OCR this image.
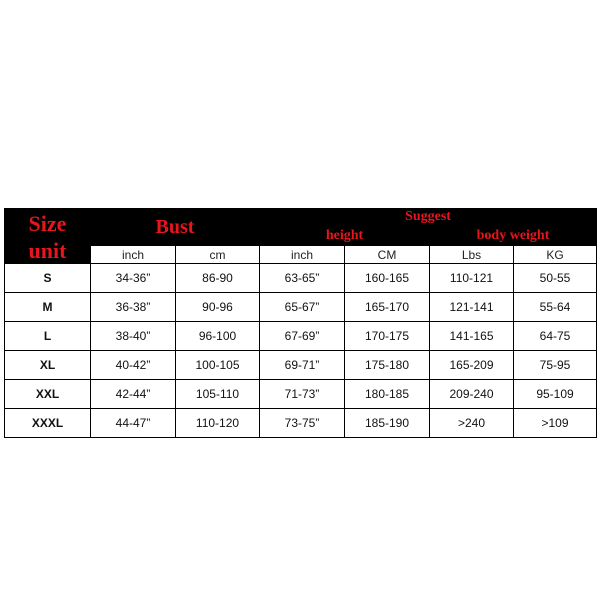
Size
unit	Bust		Suggest			
			height		body weight	
	inch	cm	inch	CM	Lbs	KG
S	34-36”	86-90	63-65”	160-165	110-121	50-55
M	36-38”	90-96	65-67”	165-170	121-141	55-64
L	38-40”	96-100	67-69”	170-175	141-165	64-75
XL	40-42”	100-105	69-71”	175-180	165-209	75-95
XXL	42-44”	105-110	71-73”	180-185	209-240	95-109
XXXL	44-47”	110-120	73-75”	185-190	>240	>109
